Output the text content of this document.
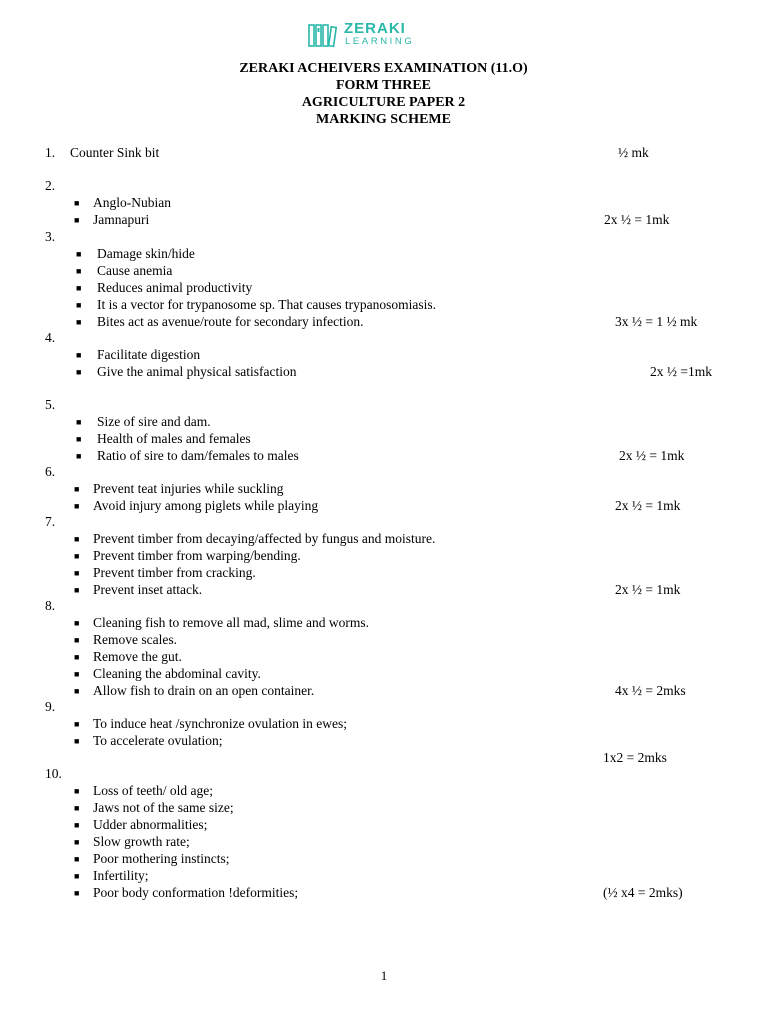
ZERAKI
LEARNING
ZERAKI ACHEIVERS EXAMINATION (11.O)
FORM THREE
AGRICULTURE PAPER 2
MARKING SCHEME
1. Counter Sink bit	½ mk
2.
■ Anglo-Nubian
■ Jamnapuri	2x ½ = 1mk
3.
■ Damage skin/hide
■ Cause anemia
■ Reduces animal productivity
■ It is a vector for trypanosome sp. That causes trypanosomiasis.
■ Bites act as avenue/route for secondary infection.	3x ½ = 1 ½ mk
4.
■ Facilitate digestion
■ Give the animal physical satisfaction	2x ½ =1mk
5.
■ Size of sire and dam.
■ Health of males and females
■ Ratio of sire to dam/females to males	2x ½ = 1mk
6.
■ Prevent teat injuries while suckling
■ Avoid injury among piglets while playing	2x ½ = 1mk
7.
■ Prevent timber from decaying/affected by fungus and moisture.
■ Prevent timber from warping/bending.
■ Prevent timber from cracking.
■ Prevent inset attack.	2x ½ = 1mk
8.
■ Cleaning fish to remove all mad, slime and worms.
■ Remove scales.
■ Remove the gut.
■ Cleaning the abdominal cavity.
■ Allow fish to drain on an open container.	4x ½ = 2mks
9.
■ To induce heat /synchronize ovulation in ewes;
■ To accelerate ovulation;
1x2 = 2mks
10.
■ Loss of teeth/ old age;
■ Jaws not of the same size;
■ Udder abnormalities;
■ Slow growth rate;
■ Poor mothering instincts;
■ Infertility;
■ Poor body conformation !deformities;	(½ x4 = 2mks)
1
